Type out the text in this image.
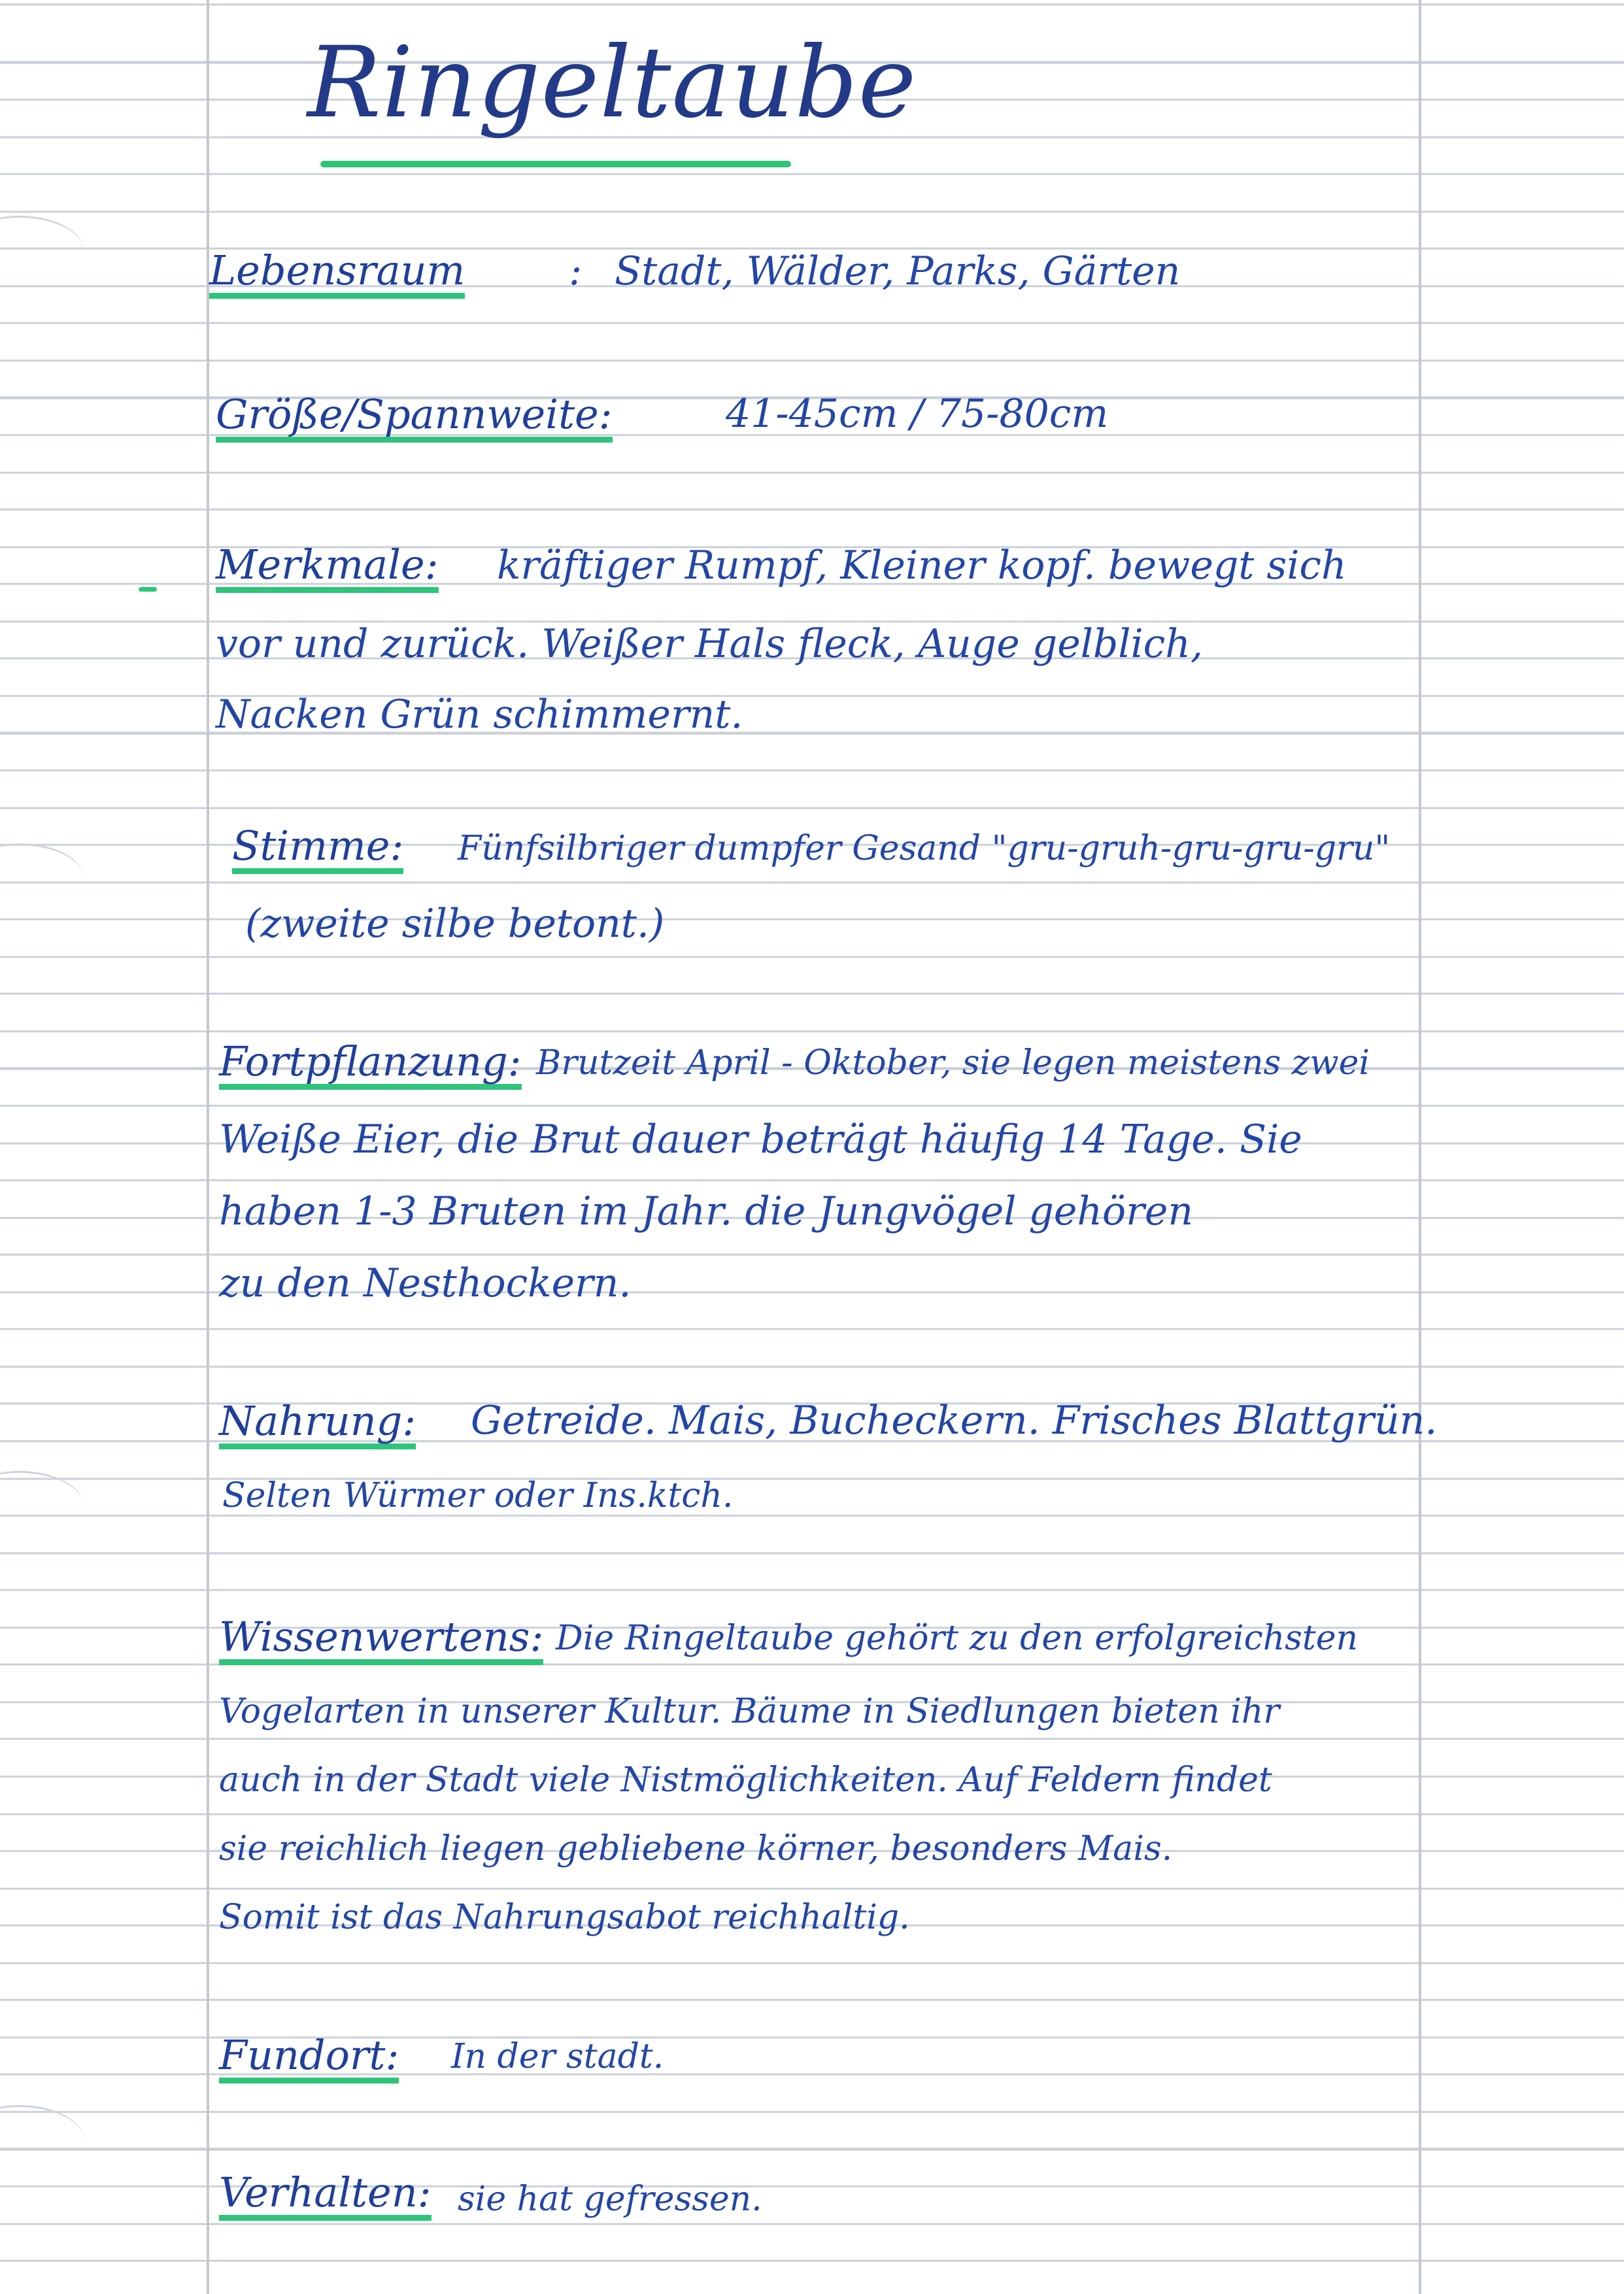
Ringeltaube
Lebensraum	: Stadt, Wälder, Parks, Gärten
Größe/Spannweite:	41-45cm / 75-80cm
Merkmale: kräftiger Rumpf, Kleiner kopf. bewegt sich
vor und zurück. Weißer Hals fleck, Auge gelblich,
Nacken Grün schimmernt.
Stimme: Fünfsilbriger dumpfer Gesand "gru-gruh-gru-gru-gru"
(zweite silbe betont.)
Fortpflanzung: Brutzeit April - Oktober, sie legen meistens zwei
Weiße Eier, die Brut dauer beträgt häufig 14 Tage. Sie
haben 1-3 Bruten im Jahr. die Jungvögel gehören
zu den Nesthockern.
Nahrung: Getreide. Mais, Bucheckern. Frisches Blattgrün.
Selten Würmer oder Ins.ktch.
Wissenwertens: Die Ringeltaube gehört zu den erfolgreichsten
Vogelarten in unserer Kultur. Bäume in Siedlungen bieten ihr
auch in der Stadt viele Nistmöglichkeiten. Auf Feldern findet
sie reichlich liegen gebliebene körner, besonders Mais.
Somit ist das Nahrungsabot reichhaltig.
Fundort: In der stadt.
Verhalten: sie hat gefressen.
